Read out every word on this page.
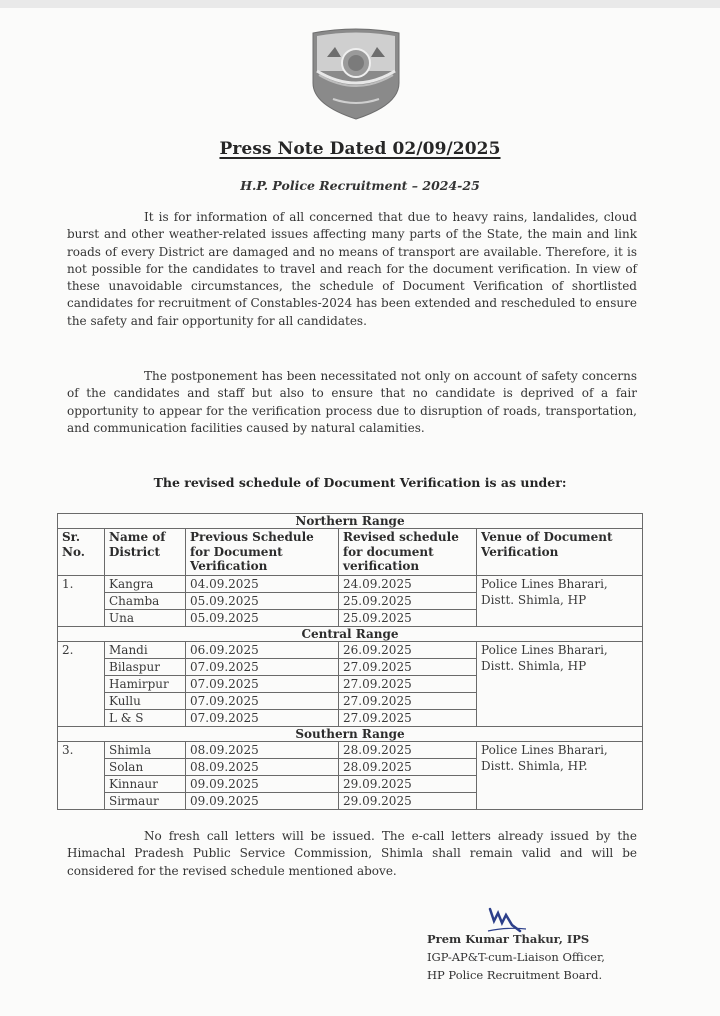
Press Note Dated 02/09/2025
H.P. Police Recruitment – 2024-25

It is for information of all concerned that due to heavy rains, landalides, cloud burst and other weather-related issues affecting many parts of the State, the main and link roads of every District are damaged and no means of transport are available. Therefore, it is not possible for the candidates to travel and reach for the document verification. In view of these unavoidable circumstances, the schedule of Document Verification of shortlisted candidates for recruitment of Constables-2024 has been extended and rescheduled to ensure the safety and fair opportunity for all candidates.

The postponement has been necessitated not only on account of safety concerns of the candidates and staff but also to ensure that no candidate is deprived of a fair opportunity to appear for the verification process due to disruption of roads, transportation, and communication facilities caused by natural calamities.

The revised schedule of Document Verification is as under:
Northern Range				
Sr. No.	Name of District	Previous Schedule for Document Verification	Revised schedule for document verification	Venue of Document Verification
1.	Kangra	04.09.2025	24.09.2025	Police Lines Bharari, Distt. Shimla, HP
	Chamba	05.09.2025	25.09.2025	
	Una	05.09.2025	25.09.2025	
Central Range				
2.	Mandi	06.09.2025	26.09.2025	Police Lines Bharari, Distt. Shimla, HP
	Bilaspur	07.09.2025	27.09.2025	
	Hamirpur	07.09.2025	27.09.2025	
	Kullu	07.09.2025	27.09.2025	
	L & S	07.09.2025	27.09.2025	
Southern Range				
3.	Shimla	08.09.2025	28.09.2025	Police Lines Bharari, Distt. Shimla, HP.
	Solan	08.09.2025	28.09.2025	
	Kinnaur	09.09.2025	29.09.2025	
	Sirmaur	09.09.2025	29.09.2025	

No fresh call letters will be issued. The e-call letters already issued by the Himachal Pradesh Public Service Commission, Shimla shall remain valid and will be considered for the revised schedule mentioned above.

Prem Kumar Thakur, IPS
IGP-AP&T-cum-Liaison Officer,
HP Police Recruitment Board.
